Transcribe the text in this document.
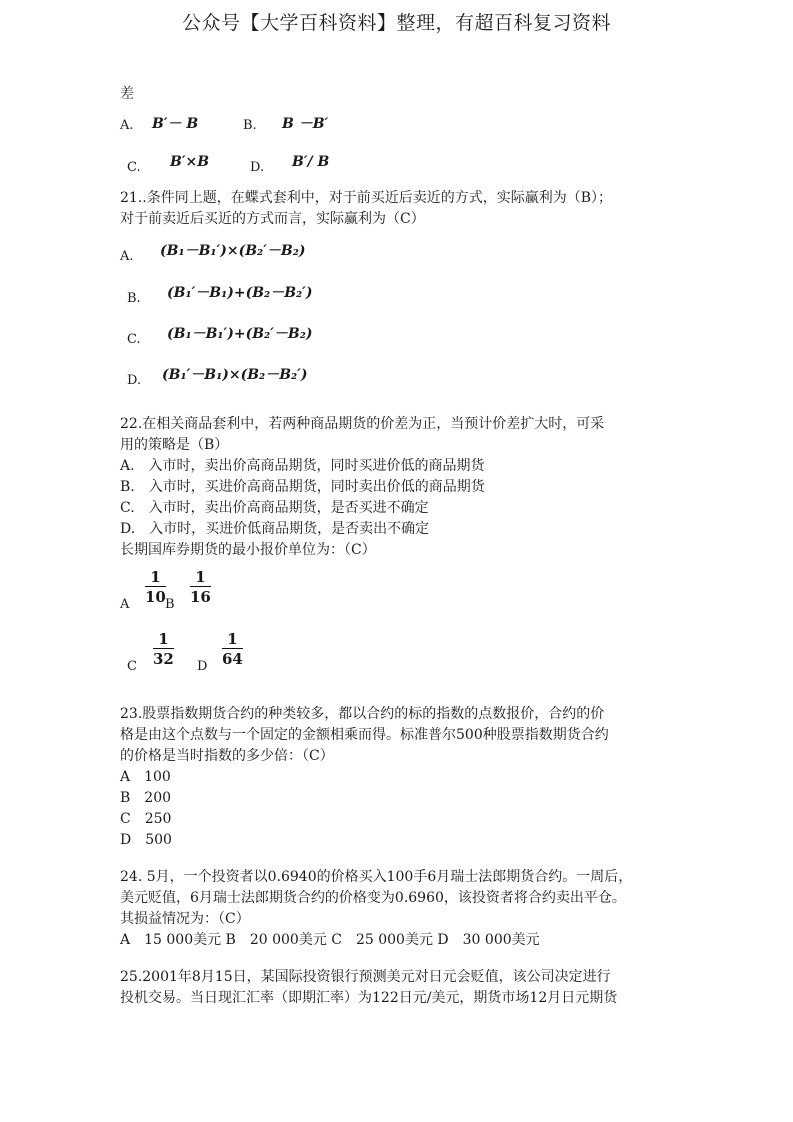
公众号【大学百科资料】整理，有超百科复习资料
差
A. B′－ B	B. B －B′
C. B′×B	D. B′/ B
21..条件同上题，在蝶式套利中，对于前买近后卖近的方式，实际赢利为（B）；
对于前卖近后买近的方式而言，实际赢利为（C）
A. (B₁－B₁′)×(B₂′－B₂)
B. (B₁′－B₁)+(B₂－B₂′)
C. (B₁－B₁′)+(B₂′－B₂)
D. (B₁′－B₁)×(B₂－B₂′)
22.在相关商品套利中，若两种商品期货的价差为正，当预计价差扩大时，可采
用的策略是（B）
A.　入市时，卖出价高商品期货，同时买进价低的商品期货
B.　入市时，买进价高商品期货，同时卖出价低的商品期货
C.　入市时，卖出价高商品期货，是否买进不确定
D.　入市时，买进价低商品期货，是否卖出不确定
长期国库券期货的最小报价单位为：（C）
A
1
10 B
1
16
C
1
32 D
1
64
23.股票指数期货合约的种类较多，都以合约的标的指数的点数报价，合约的价
格是由这个点数与一个固定的金额相乘而得。标准普尔500种股票指数期货合约
的价格是当时指数的多少倍：（C）
A　100
B　200
C　250
D　500
24. 5月，一个投资者以0.6940的价格买入100手6月瑞士法郎期货合约。一周后，
美元贬值，6月瑞士法郎期货合约的价格变为0.6960，该投资者将合约卖出平仓。
其损益情况为：（C）
A　15 000美元 B　20 000美元 C　25 000美元 D　30 000美元
25.2001年8月15日，某国际投资银行预测美元对日元会贬值，该公司决定进行
投机交易。当日现汇汇率（即期汇率）为122日元/美元，期货市场12月日元期货
